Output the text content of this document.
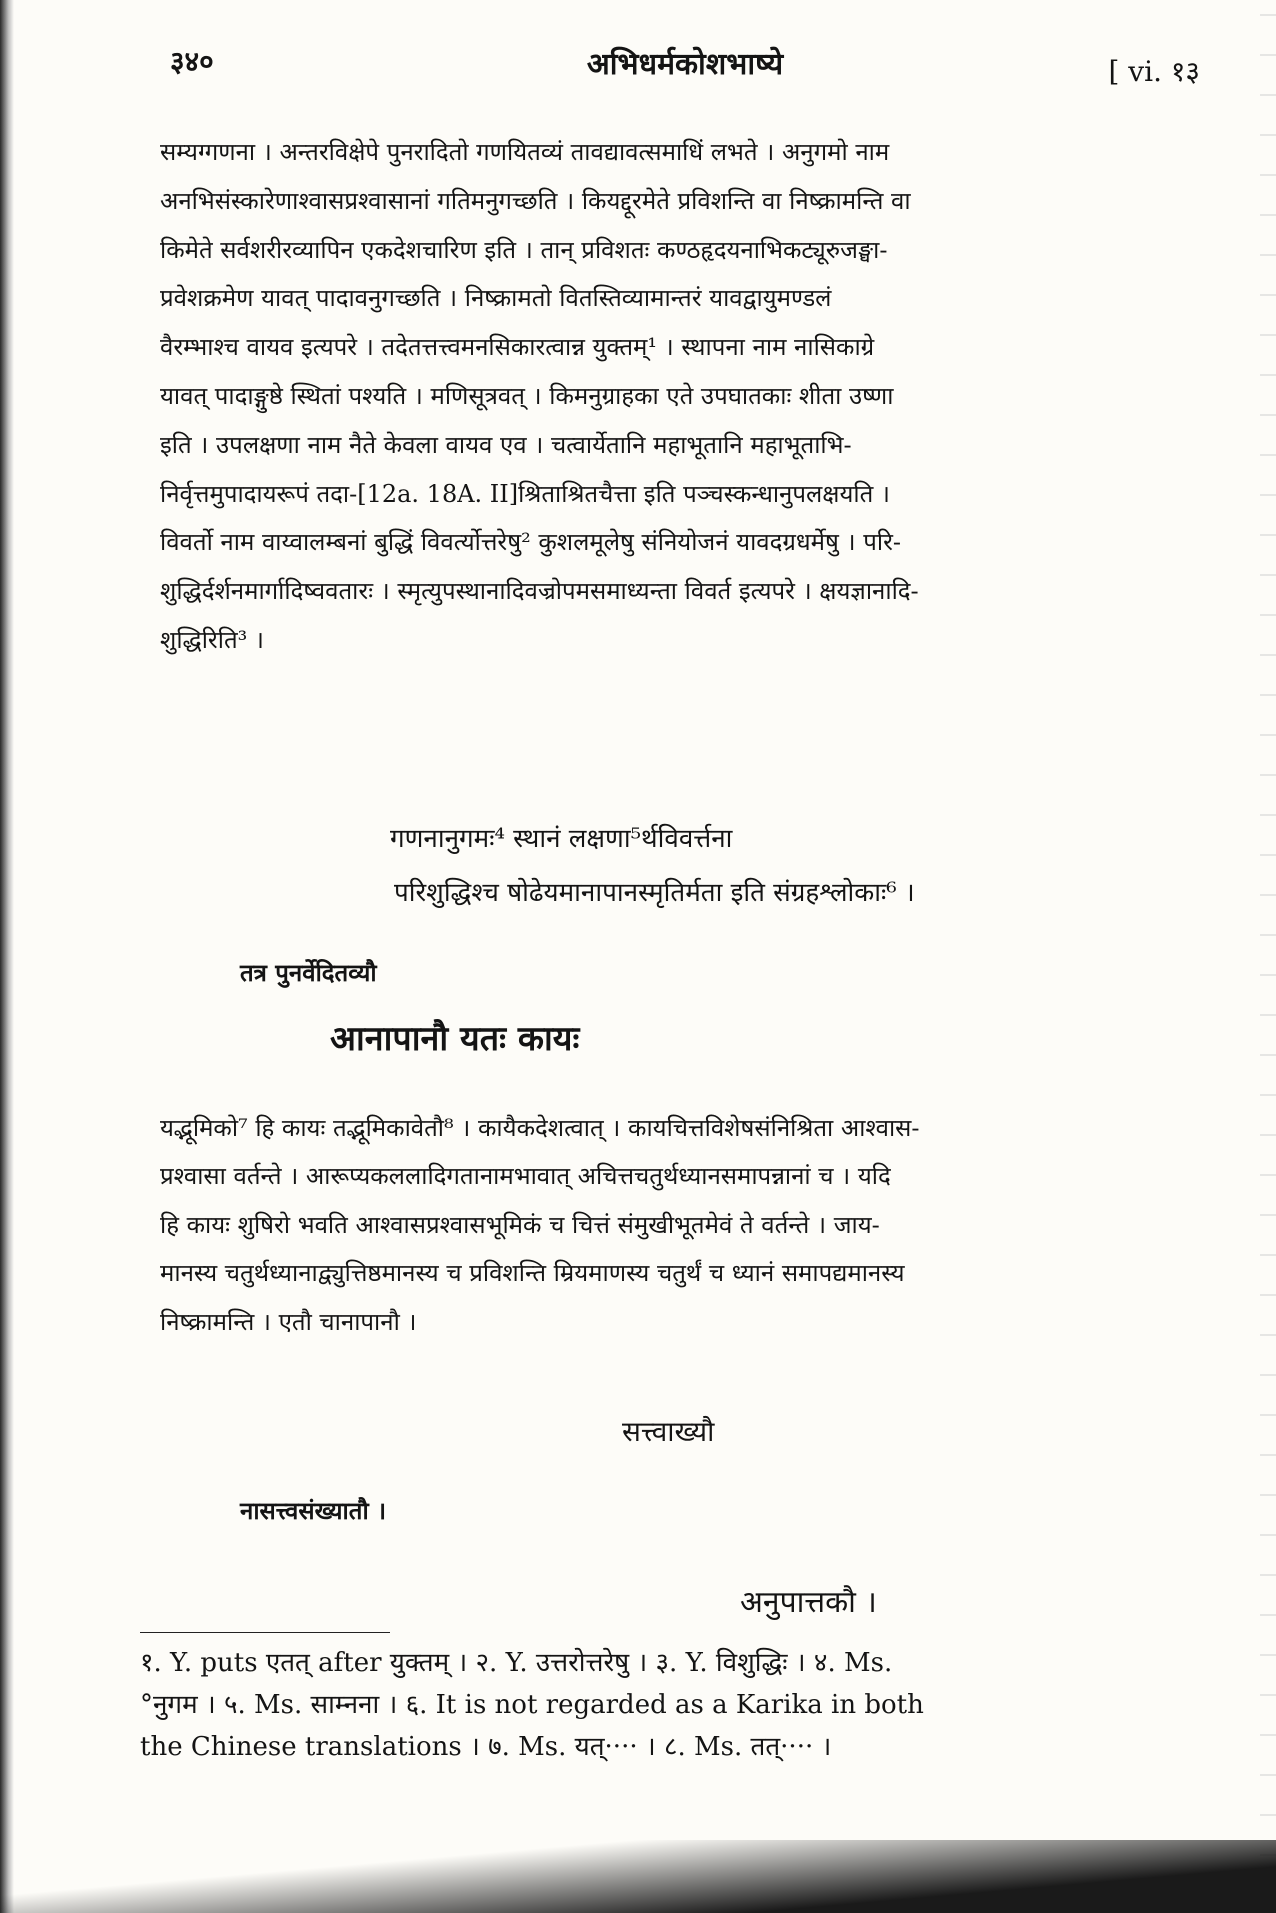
३४०	अभिधर्मकोशभाष्ये	[ vi. १३

सम्यग्गणना । अन्तरविक्षेपे पुनरादितो गणयितव्यं तावद्यावत्समाधिं लभते । अनुगमो नाम

अनभिसंस्कारेणाश्वासप्रश्वासानां गतिमनुगच्छति । कियद्दूरमेते प्रविशन्ति वा निष्क्रामन्ति वा

किमेते सर्वशरीरव्यापिन एकदेशचारिण इति । तान् प्रविशतः कण्ठहृदयनाभिकट्यूरुजङ्घा-

प्रवेशक्रमेण यावत् पादावनुगच्छति । निष्क्रामतो वितस्तिव्यामान्तरं यावद्वायुमण्डलं

वैरम्भाश्च वायव इत्यपरे । तदेतत्तत्त्वमनसिकारत्वान्न युक्तम्¹ । स्थापना नाम नासिकाग्रे

यावत् पादाङ्गुष्ठे स्थितां पश्यति । मणिसूत्रवत् । किमनुग्राहका एते उपघातकाः शीता उष्णा

इति । उपलक्षणा नाम नैते केवला वायव एव । चत्वार्येतानि महाभूतानि महाभूताभि-

निर्वृत्तमुपादायरूपं तदा-[12a. 18A. II]श्रिताश्रितचैत्ता इति पञ्चस्कन्धानुपलक्षयति ।

विवर्तो नाम वाय्वालम्बनां बुद्धिं विवर्त्योत्तरेषु² कुशलमूलेषु संनियोजनं यावदग्रधर्मेषु । परि-

शुद्धिर्दर्शनमार्गादिष्ववतारः । स्मृत्युपस्थानादिवज्रोपमसमाध्यन्ता विवर्त इत्यपरे । क्षयज्ञानादि-

शुद्धिरिति³ ।

गणनानुगमः⁴ स्थानं लक्षणा⁵र्थविवर्त्तना
परिशुद्धिश्च षोढेयमानापानस्मृतिर्मता इति संग्रहश्लोकाः⁶ ।
तत्र पुनर्वेदितव्यौ
आनापानौ यतः कायः

यद्भूमिको⁷ हि कायः तद्भूमिकावेतौ⁸ । कायैकदेशत्वात् । कायचित्तविशेषसंनिश्रिता आश्वास-

प्रश्वासा वर्तन्ते । आरूप्यकललादिगतानामभावात् अचित्तचतुर्थध्यानसमापन्नानां च । यदि

हि कायः शुषिरो भवति आश्वासप्रश्वासभूमिकं च चित्तं संमुखीभूतमेवं ते वर्तन्ते । जाय-

मानस्य चतुर्थध्यानाद्व्युत्तिष्ठमानस्य च प्रविशन्ति म्रियमाणस्य चतुर्थं च ध्यानं समापद्यमानस्य

निष्क्रामन्ति । एतौ चानापानौ ।

सत्त्वाख्यौ
नासत्त्वसंख्यातौ ।
अनुपात्तकौ ।

१. Y. puts एतत् after युक्तम् । २. Y. उत्तरोत्तरेषु । ३. Y. विशुद्धिः । ४. Ms.

°नुगम । ५. Ms. साम्नना । ६. It is not regarded as a Karika in both

the Chinese translations । ७. Ms. यत्···· । ८. Ms. तत्···· ।
